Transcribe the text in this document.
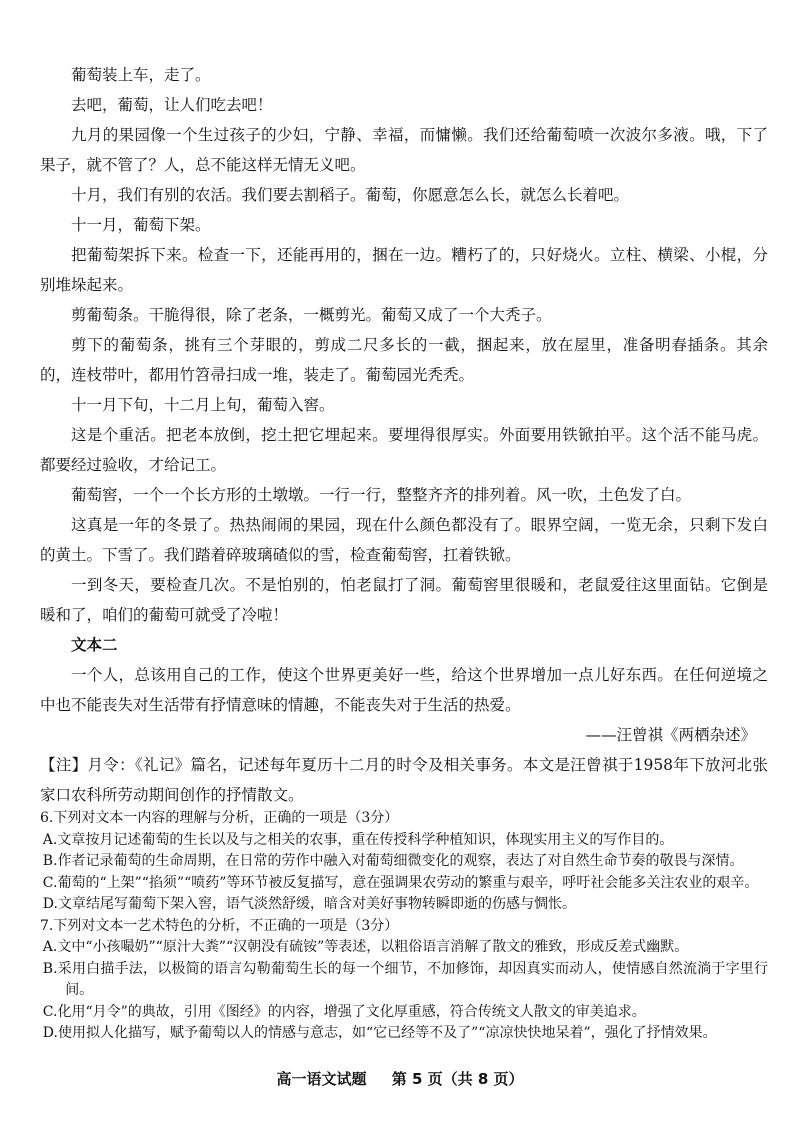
葡萄装上车，走了。

去吧，葡萄，让人们吃去吧！

九月的果园像一个生过孩子的少妇，宁静、幸福，而慵懒。我们还给葡萄喷一次波尔多液。哦，下了果子，就不管了？人，总不能这样无情无义吧。

十月，我们有别的农活。我们要去割稻子。葡萄，你愿意怎么长，就怎么长着吧。

十一月，葡萄下架。

把葡萄架拆下来。检查一下，还能再用的，捆在一边。糟朽了的，只好烧火。立柱、横梁、小棍，分别堆垛起来。

剪葡萄条。干脆得很，除了老条，一概剪光。葡萄又成了一个大秃子。

剪下的葡萄条，挑有三个芽眼的，剪成二尺多长的一截，捆起来，放在屋里，准备明春插条。其余的，连枝带叶，都用竹笤帚扫成一堆，装走了。葡萄园光秃秃。

十一月下旬，十二月上旬，葡萄入窖。

这是个重活。把老本放倒，挖土把它埋起来。要埋得很厚实。外面要用铁锨拍平。这个活不能马虎。都要经过验收，才给记工。

葡萄窖，一个一个长方形的土墩墩。一行一行，整整齐齐的排列着。风一吹，土色发了白。

这真是一年的冬景了。热热闹闹的果园，现在什么颜色都没有了。眼界空阔，一览无余，只剩下发白的黄土。下雪了。我们踏着碎玻璃碴似的雪，检查葡萄窖，扛着铁锨。

一到冬天，要检查几次。不是怕别的，怕老鼠打了洞。葡萄窖里很暖和，老鼠爱往这里面钻。它倒是暖和了，咱们的葡萄可就受了冷啦！

文本二

一个人，总该用自己的工作，使这个世界更美好一些，给这个世界增加一点儿好东西。在任何逆境之中也不能丧失对生活带有抒情意味的情趣，不能丧失对于生活的热爱。

——汪曾祺《两栖杂述》

【注】月令：《礼记》篇名，记述每年夏历十二月的时令及相关事务。本文是汪曾祺于1958年下放河北张家口农科所劳动期间创作的抒情散文。

高一语文试题 第 5 页（共 8 页）
6.下列对文本一内容的理解与分析，正确的一项是（3分）
A.文章按月记述葡萄的生长以及与之相关的农事，重在传授科学种植知识，体现实用主义的写作目的。
B.作者记录葡萄的生命周期，在日常的劳作中融入对葡萄细微变化的观察，表达了对自然生命节奏的敬畏与深情。
C.葡萄的“上架”“掐须”“喷药”等环节被反复描写，意在强调果农劳动的繁重与艰辛，呼吁社会能多关注农业的艰辛。
D.文章结尾写葡萄下架入窖，语气淡然舒缓，暗含对美好事物转瞬即逝的伤感与惆怅。
7.下列对文本一艺术特色的分析，不正确的一项是（3分）
A.文中“小孩嘬奶”“原汁大粪”“汉朝没有硫铵”等表述，以粗俗语言消解了散文的雅致，形成反差式幽默。
B.采用白描手法，以极简的语言勾勒葡萄生长的每一个细节，不加修饰，却因真实而动人，使情感自然流淌于字里行间。
C.化用“月令”的典故，引用《图经》的内容，增强了文化厚重感，符合传统文人散文的审美追求。
D.使用拟人化描写，赋予葡萄以人的情感与意志，如“它已经等不及了”“凉凉快快地呆着”，强化了抒情效果。
